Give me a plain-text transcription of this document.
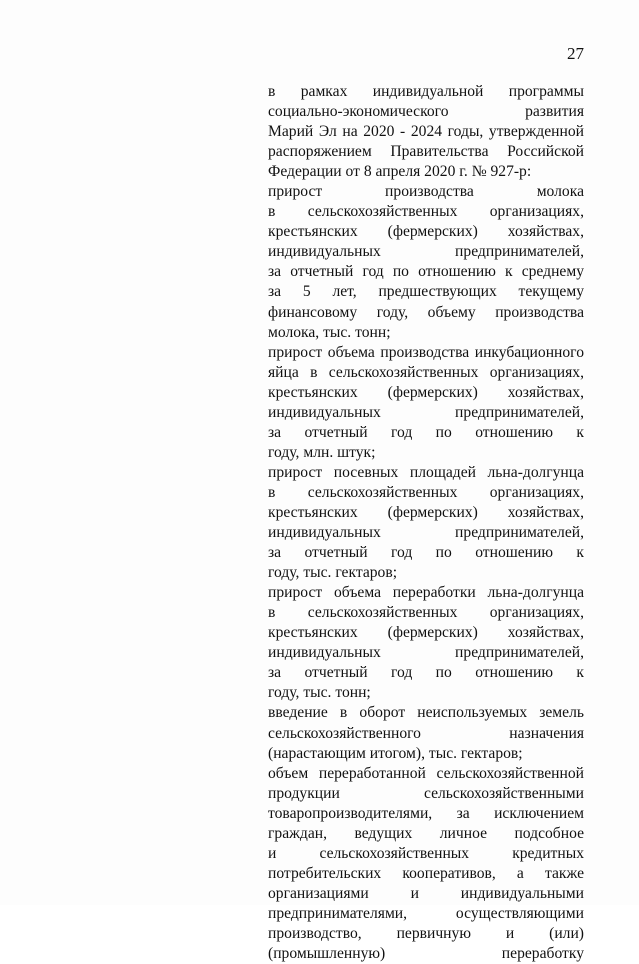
27
в рамках индивидуальной программы
социально-экономического развития
Марий Эл на 2020 - 2024 годы, утвержденной
распоряжением Правительства Российской
Федерации от 8 апреля 2020 г. № 927-р:
прирост производства молока
в сельскохозяйственных организациях,
крестьянских (фермерских) хозяйствах,
индивидуальных предпринимателей,
за отчетный год по отношению к среднему
за 5 лет, предшествующих текущему
финансовому году, объему производства
молока, тыс. тонн;
прирост объема производства инкубационного
яйца в сельскохозяйственных организациях,
крестьянских (фермерских) хозяйствах,
индивидуальных предпринимателей,
за отчетный год по отношению к
году, млн. штук;
прирост посевных площадей льна-долгунца
в сельскохозяйственных организациях,
крестьянских (фермерских) хозяйствах,
индивидуальных предпринимателей,
за отчетный год по отношению к
году, тыс. гектаров;
прирост объема переработки льна-долгунца
в сельскохозяйственных организациях,
крестьянских (фермерских) хозяйствах,
индивидуальных предпринимателей,
за отчетный год по отношению к
году, тыс. тонн;
введение в оборот неиспользуемых земель
сельскохозяйственного назначения
(нарастающим итогом), тыс. гектаров;
объем переработанной сельскохозяйственной
продукции сельскохозяйственными
товаропроизводителями, за исключением
граждан, ведущих личное подсобное
и сельскохозяйственных кредитных
потребительских кооперативов, а также
организациями и индивидуальными
предпринимателями, осуществляющими
производство, первичную и (или)
(промышленную) переработку
